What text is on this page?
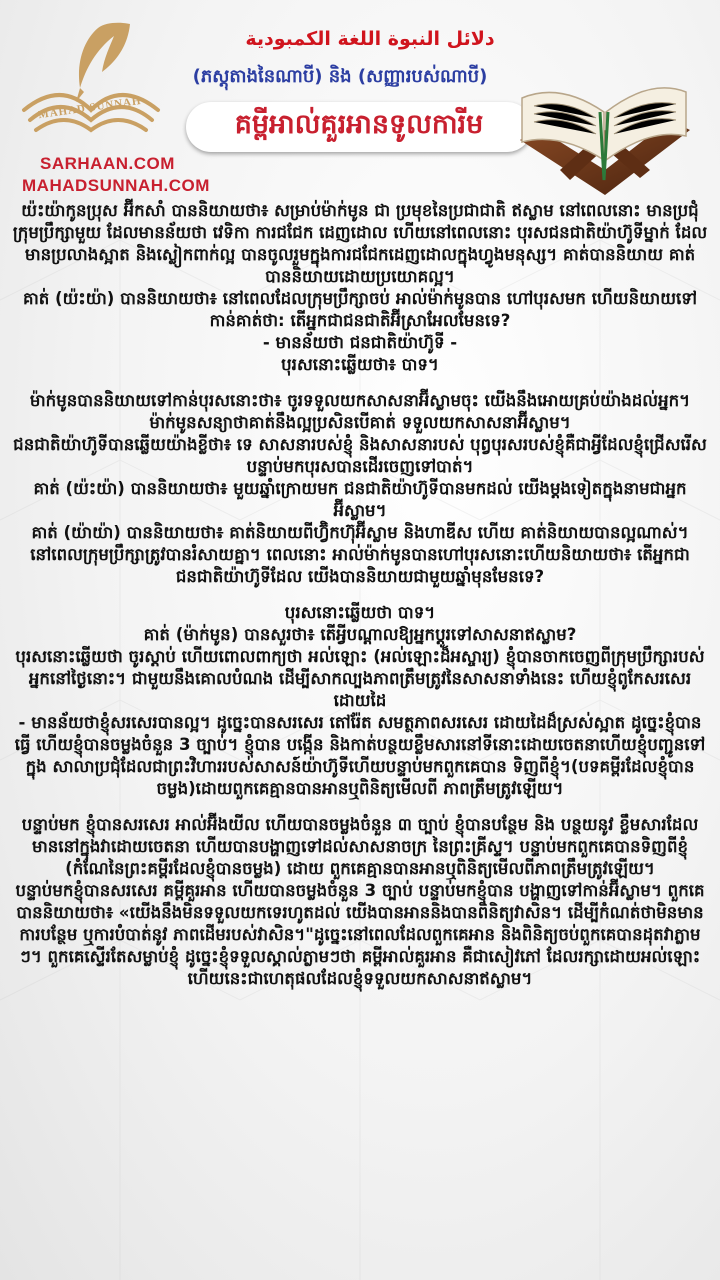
MAHAD SUNNAH
SARHAAN.COM
MAHADSUNNAH.COM
دلائل النبوة اللغة الكمبودية
(ភស្តុតាងនៃណាបី) និង (សញ្ញារបស់ណាបី)
គម្ពីអាល់គួរអានទូលការីម

យ៉ះយ៉ាកូនប្រុស អ៊ីកសាំ បាននិយាយថា៖ សម្រាប់ម៉ាក់មូន ជា ប្រមុខនៃប្រជាជាតិ ឥស្លាម នៅពេលនោះ មានប្រជុំក្រុមប្រឹក្សាមួយ ដែលមានន័យថា វេទិកា ការជជែក ដេញដោល ហើយនៅពេលនោះ បុរសជនជាតិយ៉ាហ៊ូទីម្នាក់ ដែលមានប្រលាងស្អាត និងស្លៀកពាក់ល្អ បានចូលរួមក្នុងការជជែកដេញដោលក្នុងហ្វូងមនុស្ស។ គាត់បាននិយាយ គាត់បាននិយាយដោយប្រយោគល្អ។

គាត់ (យ៉ះយ៉ា) បាននិយាយថា៖ នៅពេលដែលក្រុមប្រឹក្សាចប់ អាល់ម៉ាក់មូនបាន ហៅបុរសមក ហើយនិយាយទៅកាន់គាត់ថា: តើអ្នកជាជនជាតិអ៊ីស្រាអែលមែនទេ?

- មានន័យថា ជនជាតិយ៉ាហ៊ូទី -

បុរសនោះឆ្លើយថា៖ បាទ។

ម៉ាក់មូនបាននិយាយទៅកាន់បុរសនោះថា៖ ចូរទទួលយកសាសនាអ៊ីស្លាមចុះ យើងនឹងអោយគ្រប់យ៉ាងដល់អ្នក។ម៉ាក់មូនសន្យាថាគាត់នឹងល្អប្រសិនបើគាត់ ទទួលយកសាសនាអ៊ីស្លាម។

ជនជាតិយ៉ាហ៊ូទីបានឆ្លើយយ៉ាងខ្លីថា៖ ទេ សាសនារបស់ខ្ញុំ និងសាសនារបស់ បុព្វបុរសរបស់ខ្ញុំគឺជាអ្វីដែលខ្ញុំជ្រើសរើស បន្ទាប់មកបុរសបានដើរចេញទៅបាត់។

គាត់ (យ៉ះយ៉ា) បាននិយាយថា៖ មួយឆ្នាំក្រោយមក ជនជាតិយ៉ាហ៊ូទីបានមកដល់ យើងម្តងទៀតក្នុងនាមជាអ្នកអ៊ីស្លាម។

គាត់ (យ៉ាយ៉ា) បាននិយាយថា៖ គាត់និយាយពីហ្វ៊ិកហ៊ុអ៊ីស្លាម និងហាឌីស ហើយ គាត់និយាយបានល្អណាស់។នៅពេលក្រុមប្រឹក្សាត្រូវបានរំសាយគ្នា។ ពេលនោះ អាល់ម៉ាក់មូនបានហៅបុរសនោះហើយនិយាយថា៖ តើអ្នកជាជនជាតិយ៉ាហ៊ូទីដែល យើងបាននិយាយជាមួយឆ្នាំមុនមែនទេ?

បុរសនោះឆ្លើយថា បាទ។

គាត់ (ម៉ាក់មូន) បានសួរថា៖ តើអ្វីបណ្តាលឱ្យអ្នកប្តូរទៅសាសនាឥស្លាម?

បុរសនោះឆ្លើយថា ចូរស្តាប់ ហើយពោលពាក្យថា អល់ឡោះ (អល់ឡោះដ៏អស្ចារ្យ) ខ្ញុំបានចាកចេញពីក្រុមប្រឹក្សារបស់អ្នកនៅថ្ងៃនោះ។ ជាមួយនឹងគោលបំណង ដើម្បីសាកល្បងភាពត្រឹមត្រូវនៃសាសនាទាំងនេះ ហើយខ្ញុំពូកែសរសេរដោយដៃ

- មានន័យថាខ្ញុំសរសេរបានល្អ។ ដូច្នេះបានសរសេរ តៅរ៉ែត សមត្ថភាពសរសេរ ដោយដៃដ៏ស្រស់ស្អាត ដូច្នេះខ្ញុំបានធ្វើ ហើយខ្ញុំបានចម្លងចំនួន 3 ច្បាប់។ ខ្ញុំបាន បង្កើន និងកាត់បន្ថយខ្លឹមសារនៅទីនោះដោយចេតនាហើយខ្ញុំបញ្ជូនទៅក្នុង សាលាប្រជុំដែលជាព្រះវិហាររបស់សាសន៍យ៉ាហ៊ូទីហើយបន្ទាប់មកពួកគេបាន ទិញពីខ្ញុំ។(បទគម្ពីរដែលខ្ញុំបានចម្លង)ដោយពួកគេគ្មានបានអានឬពិនិត្យមើលពី ភាពត្រឹមត្រូវឡើយ។

បន្ទាប់មក ខ្ញុំបានសរសេរ អាល់អ៊ីងយីល ហើយបានចម្លងចំនួន ៣ ច្បាប់ ខ្ញុំបានបន្ថែម និង បន្ថយនូវ ខ្លឹមសារដែលមាននៅក្នុងវាដោយចេតនា ហើយបានបង្ហាញទៅដល់សាសនាចក្រ នៃព្រះគ្រីស្ទ។ បន្ទាប់មកពួកគេបានទិញពីខ្ញុំ (កំណែនៃព្រះគម្ពីរដែលខ្ញុំបានចម្លង) ដោយ ពួកគេគ្មានបានអានឬពិនិត្យមើលពីភាពត្រឹមត្រូវឡើយ។

បន្ទាប់មកខ្ញុំបានសរសេរ គម្ពីគួរអាន ហើយបានចម្លងចំនួន 3 ច្បាប់ បន្ទាប់មកខ្ញុំបាន បង្ហាញទៅកាន់អ៊ីស្លាម។ ពួកគេបាននិយាយថា៖ «យើងនឹងមិនទទួលយកទេរហូតដល់ យើងបានអាននិងបានពិនិត្យវាសិន។ ដើម្បីកំណត់ថាមិនមាន ការបន្ថែម ឬការបំបាត់នូវ ភាពដើមរបស់វាសិន។"ដូច្នេះនៅពេលដែលពួកគេអាន និងពិនិត្យចប់ពួកគេបានដុតវាភ្លាម ៗ។ ពួកគេស្ទើរតែសម្លាប់ខ្ញុំ ដូច្នេះខ្ញុំទទួលស្គាល់ភ្លាមៗថា គម្ពីអាល់គួរអាន គឺជាសៀវភៅ ដែលរក្សាដោយអល់ឡោះហើយនេះជាហេតុផលដែលខ្ញុំទទួលយកសាសនាឥស្លាម។
